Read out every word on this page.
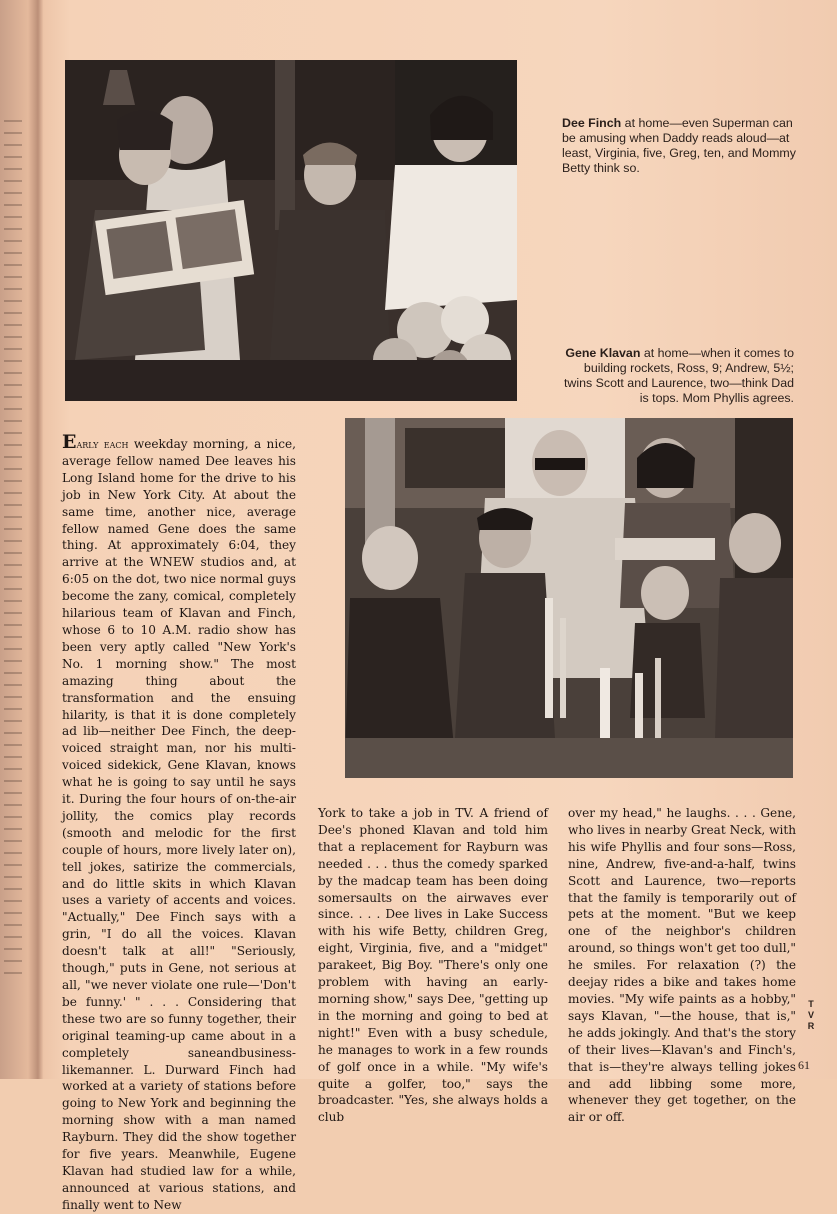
Dee Finch at home—even Superman can be amusing when Daddy reads aloud—at least, Virginia, five, Greg, ten, and Mommy Betty think so.
Gene Klavan at home—when it comes to building rockets, Ross, 9; Andrew, 5½; twins Scott and Laurence, two—think Dad is tops. Mom Phyllis agrees.

Early each weekday morning, a nice, average fellow named Dee leaves his Long Island home for the drive to his job in New York City. At about the same time, another nice, average fellow named Gene does the same thing. At approximately 6:04, they arrive at the WNEW studios and, at 6:05 on the dot, two nice normal guys become the zany, comical, completely hilarious team of Klavan and Finch, whose 6 to 10 A.M. radio show has been very aptly called "New York's No. 1 morning show." The most amazing thing about the transformation and the ensuing hilarity, is that it is done completely ad lib—neither Dee Finch, the deep-voiced straight man, nor his multi-voiced sidekick, Gene Klavan, knows what he is going to say until he says it. During the four hours of on-the-air jollity, the comics play records (smooth and melodic for the first couple of hours, more lively later on), tell jokes, satirize the commercials, and do little skits in which Klavan uses a variety of accents and voices. "Actually," Dee Finch says with a grin, "I do all the voices. Klavan doesn't talk at all!" "Seriously, though," puts in Gene, not serious at all, "we never violate one rule—'Don't be funny.' " . . . Considering that these two are so funny together, their original teaming-up came about in a completely saneandbusiness-likemanner. L. Durward Finch had worked at a variety of stations before going to New York and beginning the morning show with a man named Rayburn. They did the show together for five years. Meanwhile, Eugene Klavan had studied law for a while, announced at various stations, and finally went to New

York to take a job in TV. A friend of Dee's phoned Klavan and told him that a replacement for Rayburn was needed . . . thus the comedy sparked by the madcap team has been doing somersaults on the airwaves ever since. . . . Dee lives in Lake Success with his wife Betty, children Greg, eight, Virginia, five, and a "midget" parakeet, Big Boy. "There's only one problem with having an early-morning show," says Dee, "getting up in the morning and going to bed at night!" Even with a busy schedule, he manages to work in a few rounds of golf once in a while. "My wife's quite a golfer, too," says the broadcaster. "Yes, she always holds a club

over my head," he laughs. . . . Gene, who lives in nearby Great Neck, with his wife Phyllis and four sons—Ross, nine, Andrew, five-and-a-half, twins Scott and Laurence, two—reports that the family is temporarily out of pets at the moment. "But we keep one of the neighbor's children around, so things won't get too dull," he smiles. For relaxation (?) the deejay rides a bike and takes home movies. "My wife paints as a hobby," says Klavan, "—the house, that is," he adds jokingly. And that's the story of their lives—Klavan's and Finch's, that is—they're always telling jokes and add libbing some more, whenever they get together, on the air or off.

T
V
R
61
